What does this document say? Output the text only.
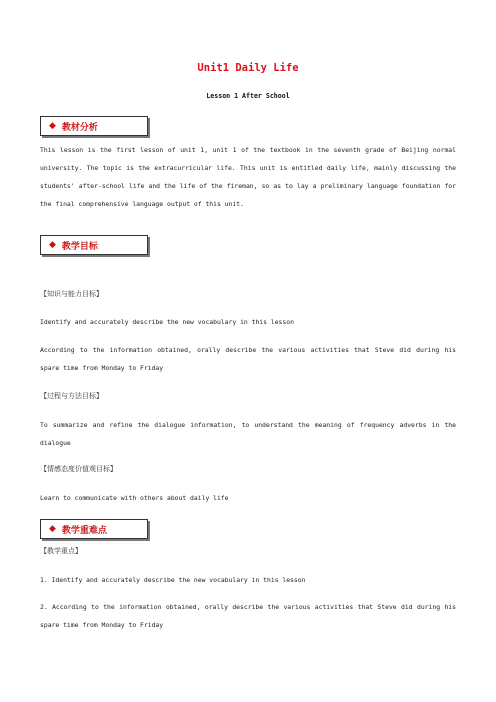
Unit1 Daily Life
Lesson 1 After School
◆ 教材分析
This lesson is the first lesson of unit 1, unit 1 of the textbook in the seventh grade of Beijing normal university. The topic is the extracurricular life. This unit is entitled daily life, mainly discussing the students' after-school life and the life of the fireman, so as to lay a preliminary language foundation for the final comprehensive language output of this unit.
◆ 教学目标
【知识与能力目标】
Identify and accurately describe the new vocabulary in this lesson
According to the information obtained, orally describe the various activities that Steve did during his spare time from Monday to Friday
【过程与方法目标】
To summarize and refine the dialogue information, to understand the meaning of frequency adverbs in the dialogue
【情感态度价值观目标】
Learn to communicate with others about daily life
◆ 教学重难点
【教学重点】
1. Identify and accurately describe the new vocabulary in this lesson
2. According to the information obtained, orally describe the various activities that Steve did during his spare time from Monday to Friday
